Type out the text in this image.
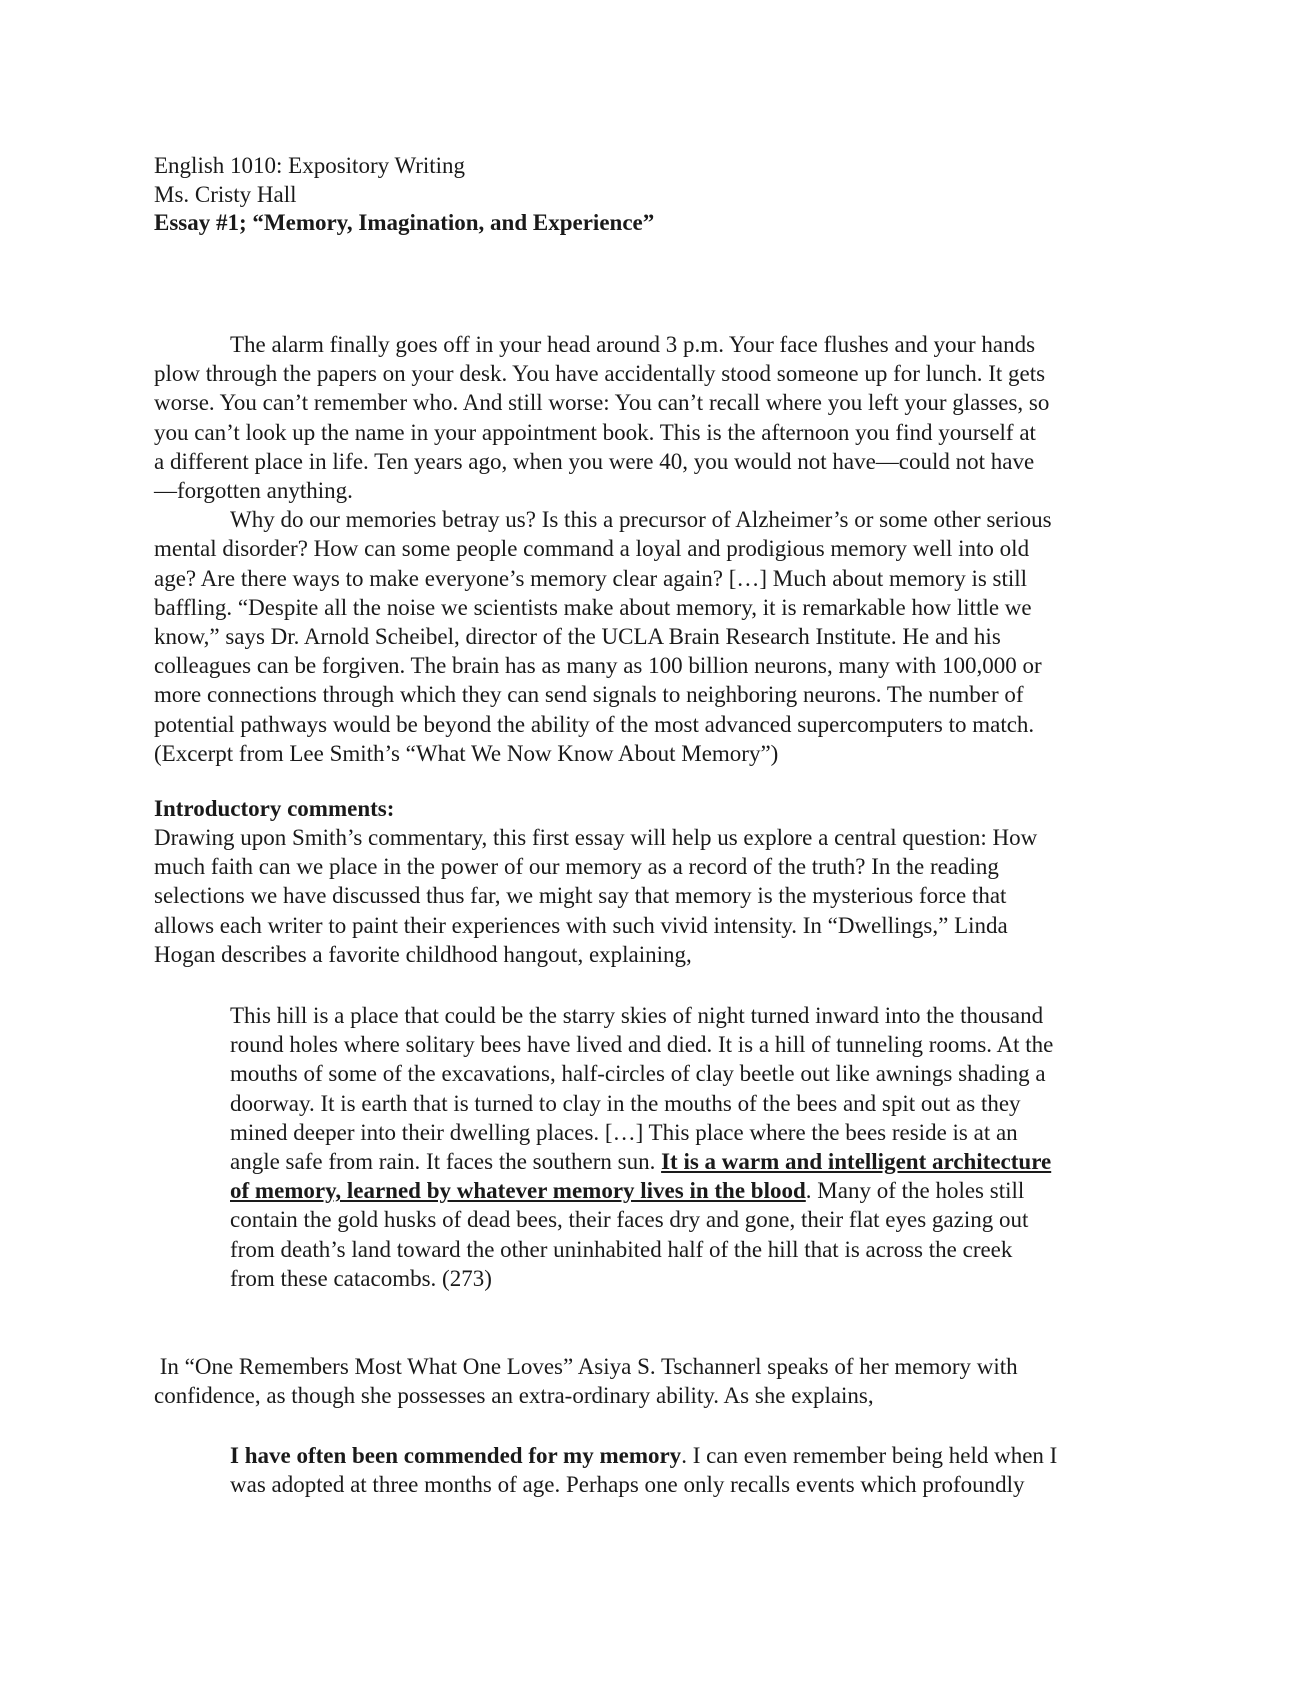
English 1010: Expository Writing
Ms. Cristy Hall
Essay #1; “Memory, Imagination, and Experience”
The alarm finally goes off in your head around 3 p.m. Your face flushes and your hands
plow through the papers on your desk. You have accidentally stood someone up for lunch. It gets
worse. You can’t remember who. And still worse: You can’t recall where you left your glasses, so
you can’t look up the name in your appointment book. This is the afternoon you find yourself at
a different place in life. Ten years ago, when you were 40, you would not have—could not have
—forgotten anything.
Why do our memories betray us? Is this a precursor of Alzheimer’s or some other serious
mental disorder? How can some people command a loyal and prodigious memory well into old
age? Are there ways to make everyone’s memory clear again? […] Much about memory is still
baffling. “Despite all the noise we scientists make about memory, it is remarkable how little we
know,” says Dr. Arnold Scheibel, director of the UCLA Brain Research Institute. He and his
colleagues can be forgiven. The brain has as many as 100 billion neurons, many with 100,000 or
more connections through which they can send signals to neighboring neurons. The number of
potential pathways would be beyond the ability of the most advanced supercomputers to match.
(Excerpt from Lee Smith’s “What We Now Know About Memory”)
Introductory comments:
Drawing upon Smith’s commentary, this first essay will help us explore a central question: How
much faith can we place in the power of our memory as a record of the truth? In the reading
selections we have discussed thus far, we might say that memory is the mysterious force that
allows each writer to paint their experiences with such vivid intensity. In “Dwellings,” Linda
Hogan describes a favorite childhood hangout, explaining,
This hill is a place that could be the starry skies of night turned inward into the thousand
round holes where solitary bees have lived and died. It is a hill of tunneling rooms. At the
mouths of some of the excavations, half-circles of clay beetle out like awnings shading a
doorway. It is earth that is turned to clay in the mouths of the bees and spit out as they
mined deeper into their dwelling places. […] This place where the bees reside is at an
angle safe from rain. It faces the southern sun. It is a warm and intelligent architecture
of memory, learned by whatever memory lives in the blood. Many of the holes still
contain the gold husks of dead bees, their faces dry and gone, their flat eyes gazing out
from death’s land toward the other uninhabited half of the hill that is across the creek
from these catacombs. (273)
In “One Remembers Most What One Loves” Asiya S. Tschannerl speaks of her memory with
confidence, as though she possesses an extra-ordinary ability. As she explains,
I have often been commended for my memory. I can even remember being held when I
was adopted at three months of age. Perhaps one only recalls events which profoundly
